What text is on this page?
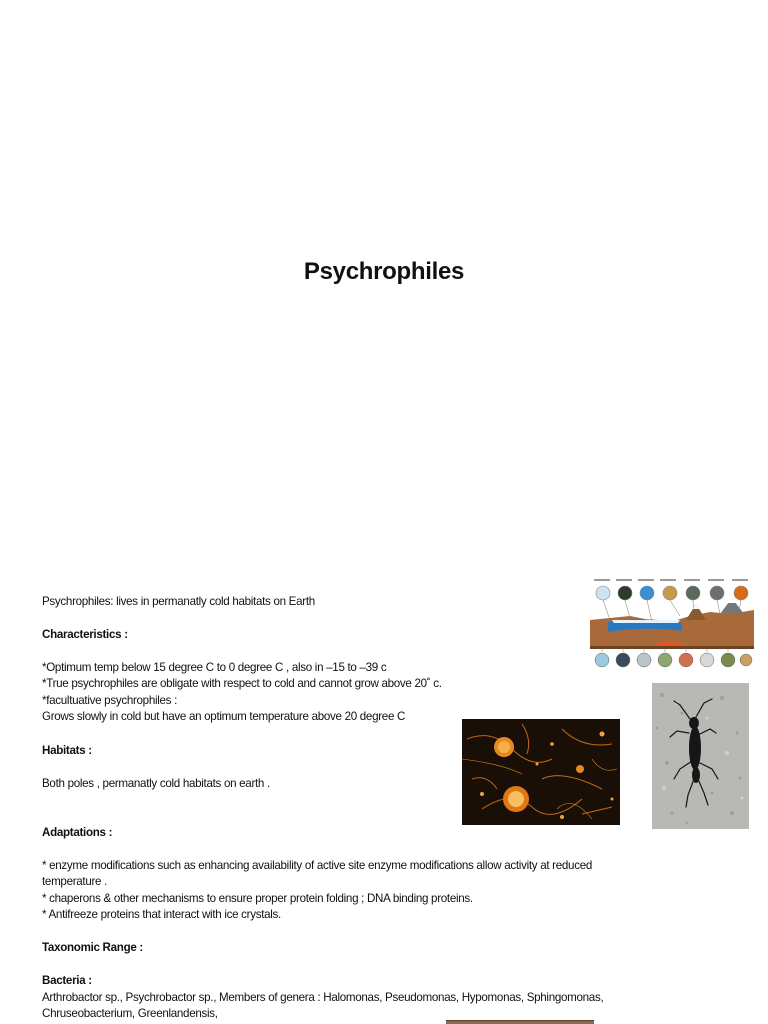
Psychrophiles
Psychrophiles: lives in permanatly cold habitats on Earth
Characteristics :
*Optimum temp below 15 degree C to 0 degree C , also in –15 to –39 c
*True psychrophiles are obligate with respect to cold and cannot grow above 20˚ c.
*facultuative psychrophiles :
Grows slowly in cold but have an optimum temperature above 20 degree C
Habitats :
Both poles , permanatly cold habitats on earth .
Adaptations :
* enzyme modifications such as enhancing availability of active site enzyme modifications allow activity at reduced
temperature .
* chaperons & other mechanisms to ensure proper protein folding ; DNA binding proteins.
* Antifreeze proteins that interact with ice crystals.
Taxonomic Range :
Bacteria :
Arthrobactor sp., Psychrobactor sp., Members of genera : Halomonas, Pseudomonas, Hypomonas, Sphingomonas,
Chruseobacterium, Greenlandensis,
